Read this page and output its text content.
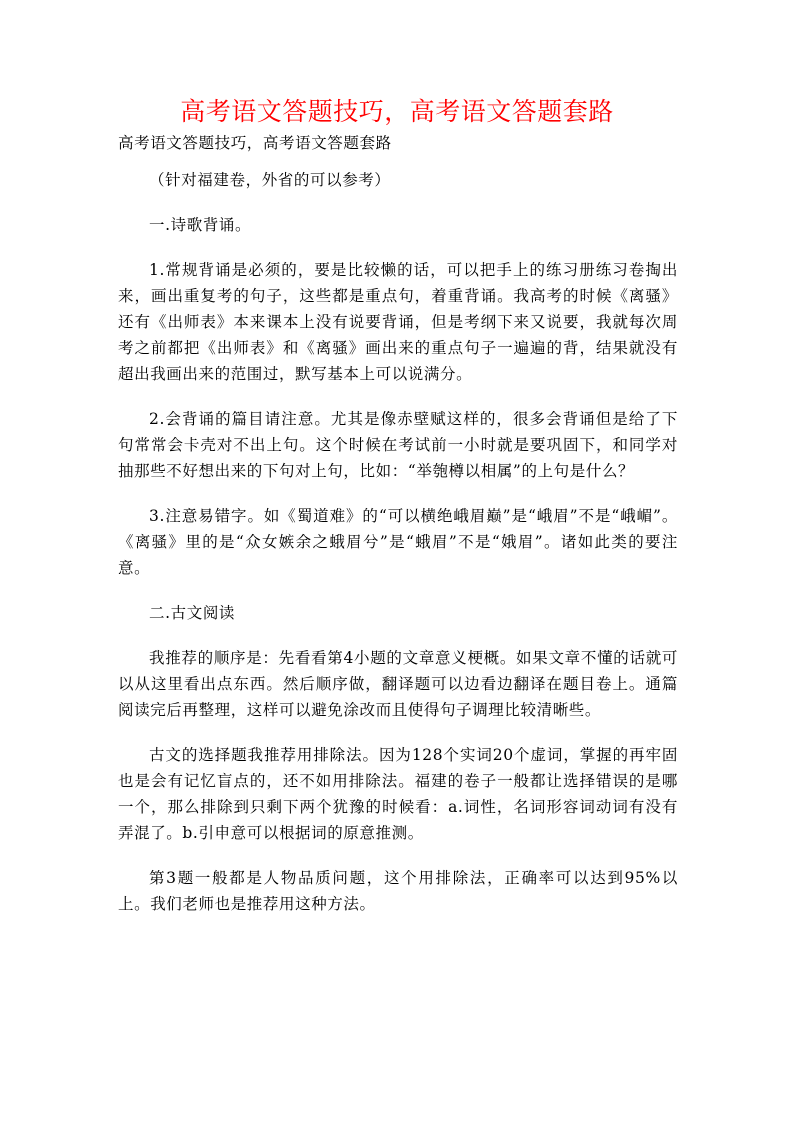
高考语文答题技巧，高考语文答题套路

高考语文答题技巧，高考语文答题套路

（针对福建卷，外省的可以参考）

一.诗歌背诵。

1.常规背诵是必须的，要是比较懒的话，可以把手上的练习册练习卷掏出来，画出重复考的句子，这些都是重点句，着重背诵。我高考的时候《离骚》还有《出师表》本来课本上没有说要背诵，但是考纲下来又说要，我就每次周考之前都把《出师表》和《离骚》画出来的重点句子一遍遍的背，结果就没有超出我画出来的范围过，默写基本上可以说满分。

2.会背诵的篇目请注意。尤其是像赤壁赋这样的，很多会背诵但是给了下句常常会卡壳对不出上句。这个时候在考试前一小时就是要巩固下，和同学对抽那些不好想出来的下句对上句，比如：“举匏樽以相属”的上句是什么？

3.注意易错字。如《蜀道难》的“可以横绝峨眉巅”是“峨眉”不是“峨嵋”。《离骚》里的是“众女嫉余之蛾眉兮”是“蛾眉”不是“娥眉”。诸如此类的要注意。

二.古文阅读

我推荐的顺序是：先看看第4小题的文章意义梗概。如果文章不懂的话就可以从这里看出点东西。然后顺序做，翻译题可以边看边翻译在题目卷上。通篇阅读完后再整理，这样可以避免涂改而且使得句子调理比较清晰些。

古文的选择题我推荐用排除法。因为128个实词20个虚词，掌握的再牢固也是会有记忆盲点的，还不如用排除法。福建的卷子一般都让选择错误的是哪一个，那么排除到只剩下两个犹豫的时候看：a.词性，名词形容词动词有没有弄混了。b.引申意可以根据词的原意推测。

第3题一般都是人物品质问题，这个用排除法，正确率可以达到95%以上。我们老师也是推荐用这种方法。
